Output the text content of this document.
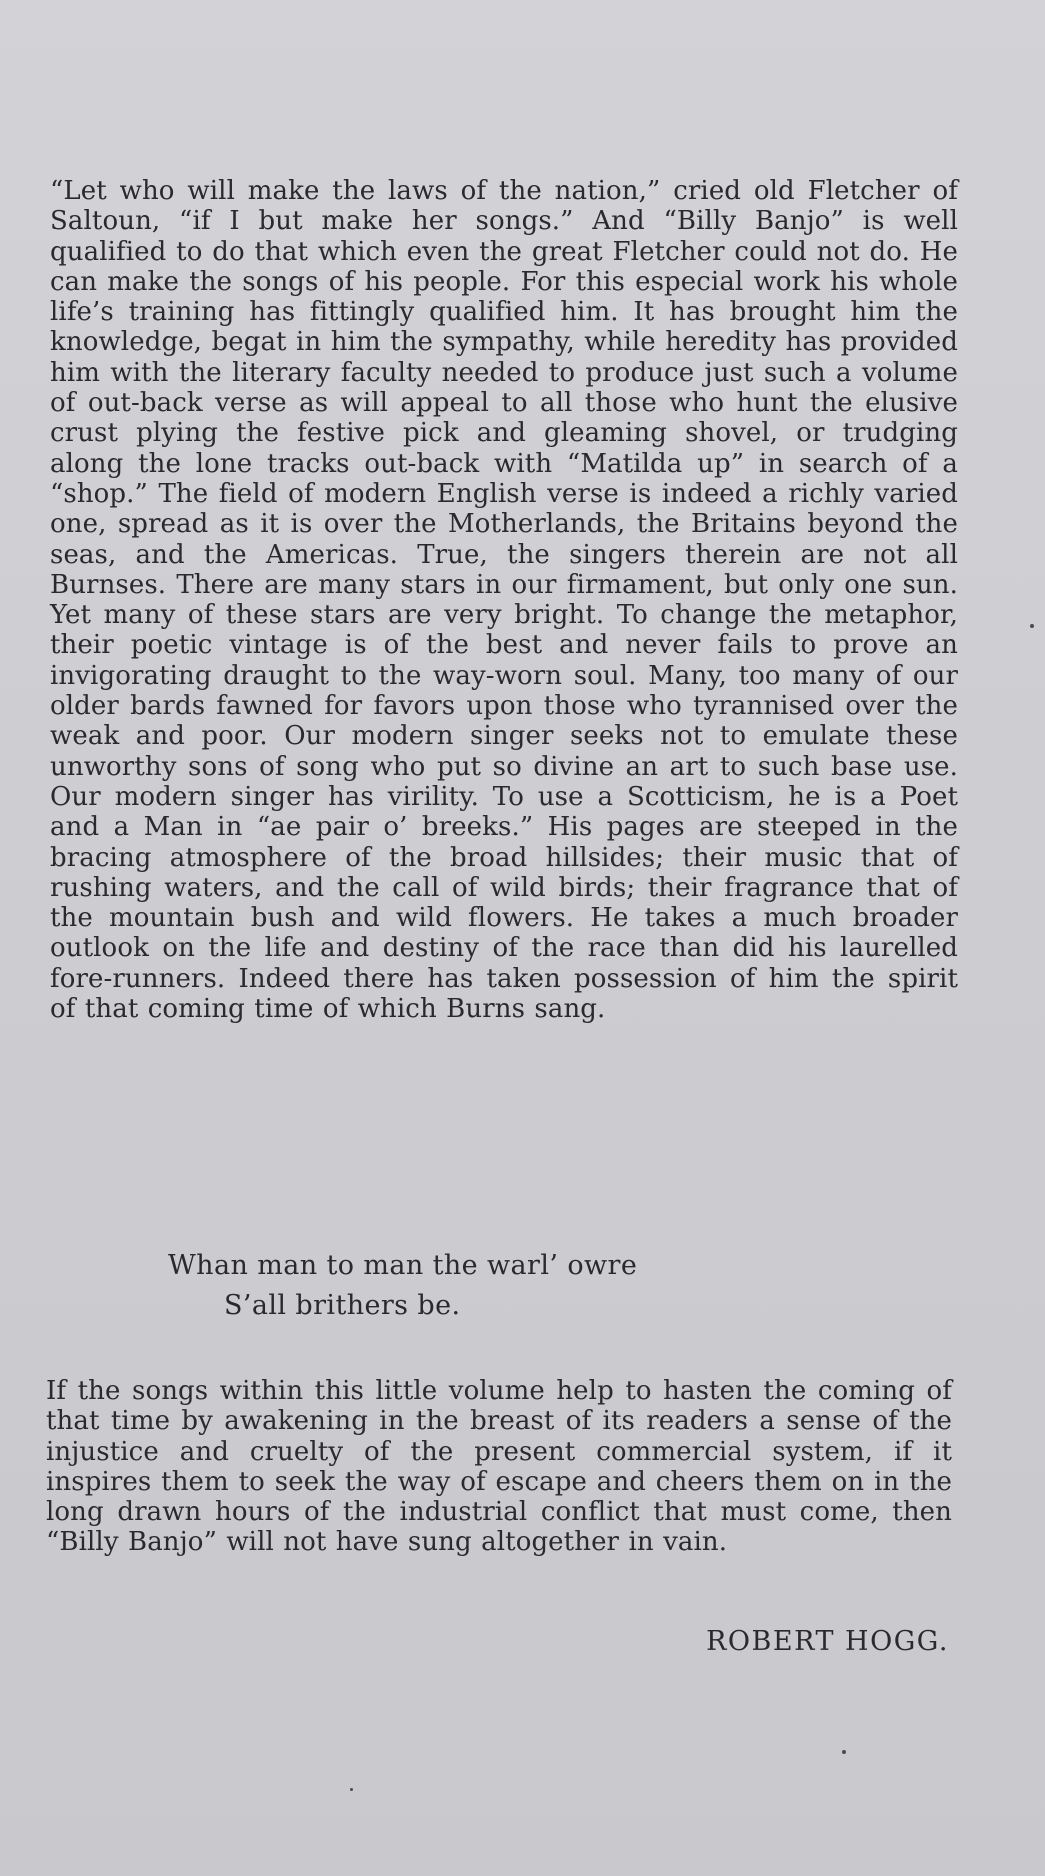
“Let who will make the laws of the nation,” cried old Fletcher of Saltoun, “if I but make her songs.” And “Billy Banjo” is well qualified to do that which even the great Fletcher could not do. He can make the songs of his people. For this especial work his whole life’s training has fittingly qualified him. It has brought him the knowledge, begat in him the sympathy, while heredity has provided him with the literary faculty needed to produce just such a volume of out-back verse as will appeal to all those who hunt the elusive crust plying the festive pick and gleaming shovel, or trudging along the lone tracks out-back with “Matilda up” in search of a “shop.” The field of modern English verse is indeed a richly varied one, spread as it is over the Motherlands, the Britains beyond the seas, and the Americas. True, the singers therein are not all Burnses. There are many stars in our firmament, but only one sun. Yet many of these stars are very bright. To change the metaphor, their poetic vintage is of the best and never fails to prove an invigorating draught to the way-worn soul. Many, too many of our older bards fawned for favors upon those who tyrannised over the weak and poor. Our modern singer seeks not to emulate these unworthy sons of song who put so divine an art to such base use. Our modern singer has virility. To use a Scotticism, he is a Poet and a Man in “ae pair o’ breeks.” His pages are steeped in the bracing atmosphere of the broad hillsides; their music that of rushing waters, and the call of wild birds; their fragrance that of the mountain bush and wild flowers. He takes a much broader outlook on the life and destiny of the race than did his laurelled fore-runners. Indeed there has taken possession of him the spirit of that coming time of which Burns sang.

Whan man to man the warl’ owre
S’all brithers be.

If the songs within this little volume help to hasten the coming of that time by awakening in the breast of its readers a sense of the injustice and cruelty of the present commercial system, if it inspires them to seek the way of escape and cheers them on in the long drawn hours of the industrial conflict that must come, then “Billy Banjo” will not have sung altogether in vain.

ROBERT HOGG.
